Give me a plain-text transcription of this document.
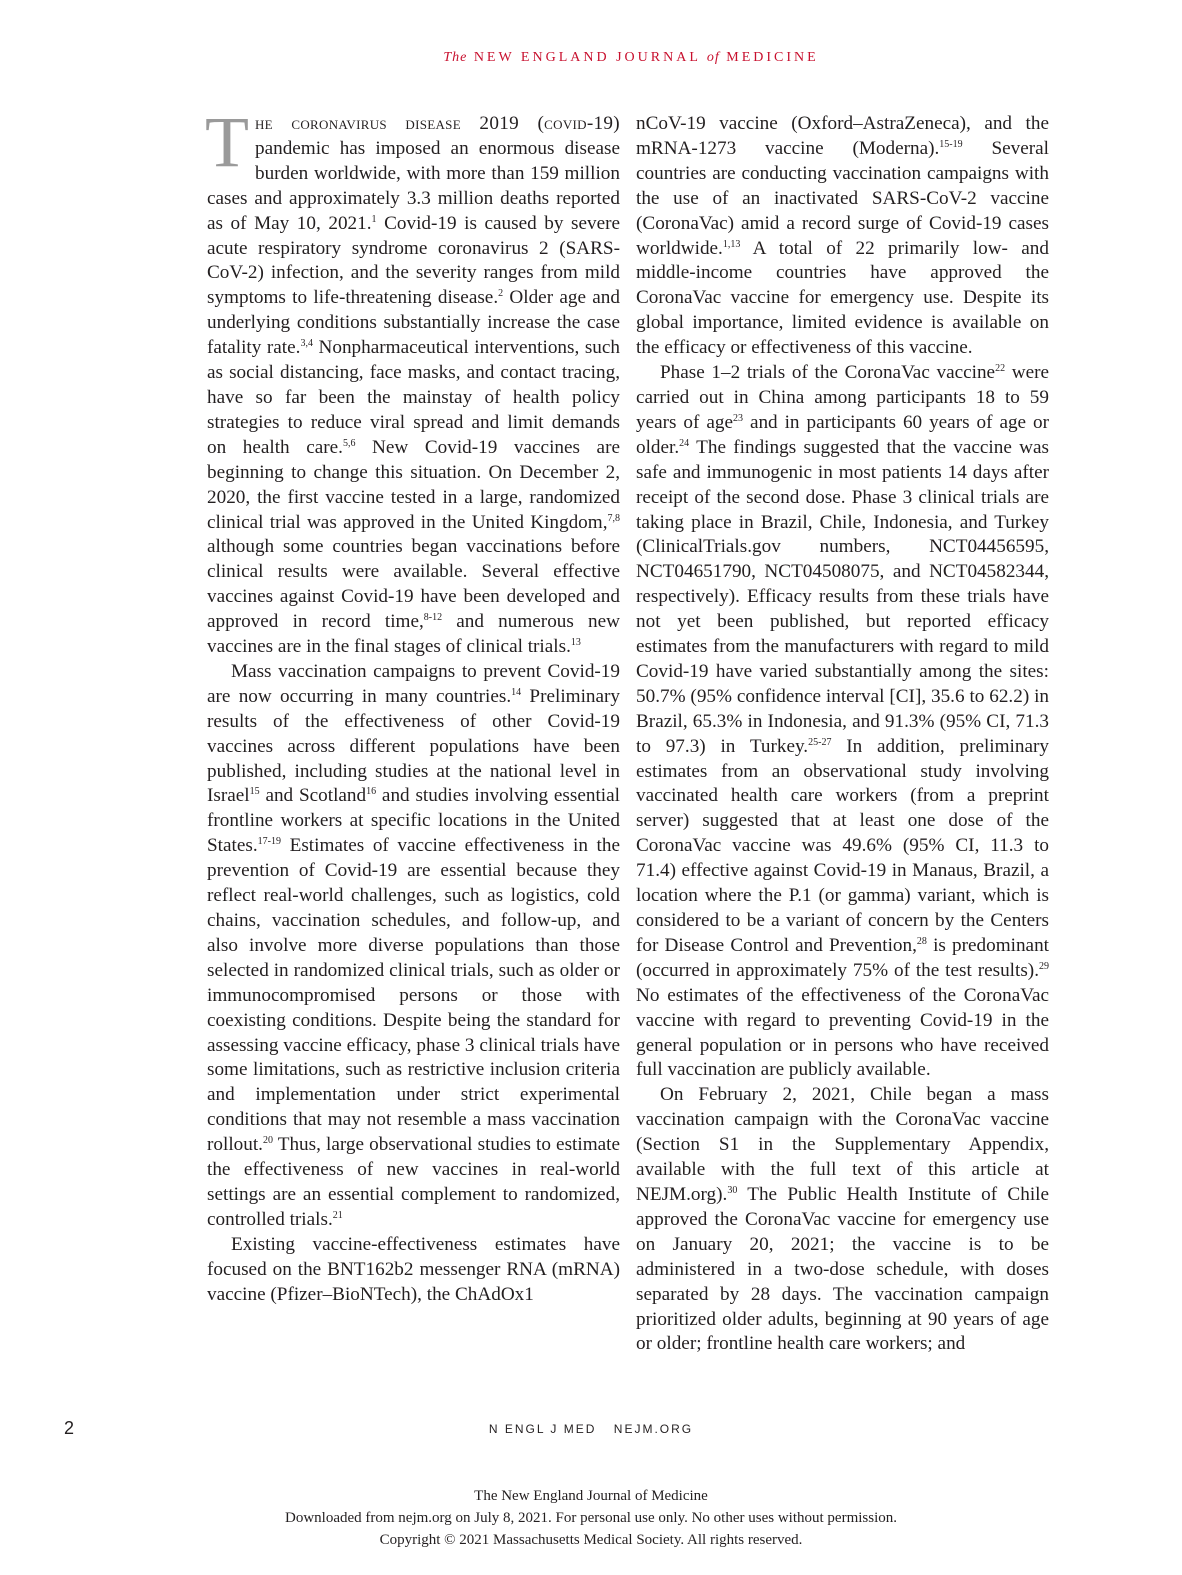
The NEW ENGLAND JOURNAL of MEDICINE

The coronavirus disease 2019 (covid-19) pandemic has imposed an enormous disease burden worldwide, with more than 159 million cases and approximately 3.3 million deaths reported as of May 10, 2021.$^1$ Covid-19 is caused by severe acute respiratory syndrome coronavirus 2 (SARS-CoV-2) infection, and the severity ranges from mild symptoms to life-threatening disease.$^2$ Older age and underlying conditions substantially increase the case fatality rate.$^{3,4}$ Nonpharmaceutical interventions, such as social distancing, face masks, and contact tracing, have so far been the mainstay of health policy strategies to reduce viral spread and limit demands on health care.$^{5,6}$ New Covid-19 vaccines are beginning to change this situation. On December 2, 2020, the first vaccine tested in a large, randomized clinical trial was approved in the United Kingdom,$^{7,8}$ although some countries began vaccinations before clinical results were available. Several effective vaccines against Covid-19 have been developed and approved in record time,$^{8-12}$ and numerous new vaccines are in the final stages of clinical trials.$^{13}$

Mass vaccination campaigns to prevent Covid-19 are now occurring in many countries.$^{14}$ Preliminary results of the effectiveness of other Covid-19 vaccines across different populations have been published, including studies at the national level in Israel$^{15}$ and Scotland$^{16}$ and studies involving essential frontline workers at specific locations in the United States.$^{17-19}$ Estimates of vaccine effectiveness in the prevention of Covid-19 are essential because they reflect real-world challenges, such as logistics, cold chains, vaccination schedules, and follow-up, and also involve more diverse populations than those selected in randomized clinical trials, such as older or immunocompromised persons or those with coexisting conditions. Despite being the standard for assessing vaccine efficacy, phase 3 clinical trials have some limitations, such as restrictive inclusion criteria and implementation under strict experimental conditions that may not resemble a mass vaccination rollout.$^{20}$ Thus, large observational studies to estimate the effectiveness of new vaccines in real-world settings are an essential complement to randomized, controlled trials.$^{21}$

Existing vaccine-effectiveness estimates have focused on the BNT162b2 messenger RNA (mRNA) vaccine (Pfizer–BioNTech), the ChAdOx1

nCoV-19 vaccine (Oxford–AstraZeneca), and the mRNA-1273 vaccine (Moderna).$^{15-19}$ Several countries are conducting vaccination campaigns with the use of an inactivated SARS-CoV-2 vaccine (CoronaVac) amid a record surge of Covid-19 cases worldwide.$^{1,13}$ A total of 22 primarily low- and middle-income countries have approved the CoronaVac vaccine for emergency use. Despite its global importance, limited evidence is available on the efficacy or effectiveness of this vaccine.

Phase 1–2 trials of the CoronaVac vaccine$^{22}$ were carried out in China among participants 18 to 59 years of age$^{23}$ and in participants 60 years of age or older.$^{24}$ The findings suggested that the vaccine was safe and immunogenic in most patients 14 days after receipt of the second dose. Phase 3 clinical trials are taking place in Brazil, Chile, Indonesia, and Turkey (ClinicalTrials.gov numbers, NCT04456595, NCT04651790, NCT04508075, and NCT04582344, respectively). Efficacy results from these trials have not yet been published, but reported efficacy estimates from the manufacturers with regard to mild Covid-19 have varied substantially among the sites: 50.7% (95% confidence interval [CI], 35.6 to 62.2) in Brazil, 65.3% in Indonesia, and 91.3% (95% CI, 71.3 to 97.3) in Turkey.$^{25-27}$ In addition, preliminary estimates from an observational study involving vaccinated health care workers (from a preprint server) suggested that at least one dose of the CoronaVac vaccine was 49.6% (95% CI, 11.3 to 71.4) effective against Covid-19 in Manaus, Brazil, a location where the P.1 (or gamma) variant, which is considered to be a variant of concern by the Centers for Disease Control and Prevention,$^{28}$ is predominant (occurred in approximately 75% of the test results).$^{29}$ No estimates of the effectiveness of the CoronaVac vaccine with regard to preventing Covid-19 in the general population or in persons who have received full vaccination are publicly available.

On February 2, 2021, Chile began a mass vaccination campaign with the CoronaVac vaccine (Section S1 in the Supplementary Appendix, available with the full text of this article at NEJM.org).$^{30}$ The Public Health Institute of Chile approved the CoronaVac vaccine for emergency use on January 20, 2021; the vaccine is to be administered in a two-dose schedule, with doses separated by 28 days. The vaccination campaign prioritized older adults, beginning at 90 years of age or older; frontline health care workers; and

2	N ENGL J MED NEJM.ORG
The New England Journal of Medicine
Downloaded from nejm.org on July 8, 2021. For personal use only. No other uses without permission.
Copyright © 2021 Massachusetts Medical Society. All rights reserved.
